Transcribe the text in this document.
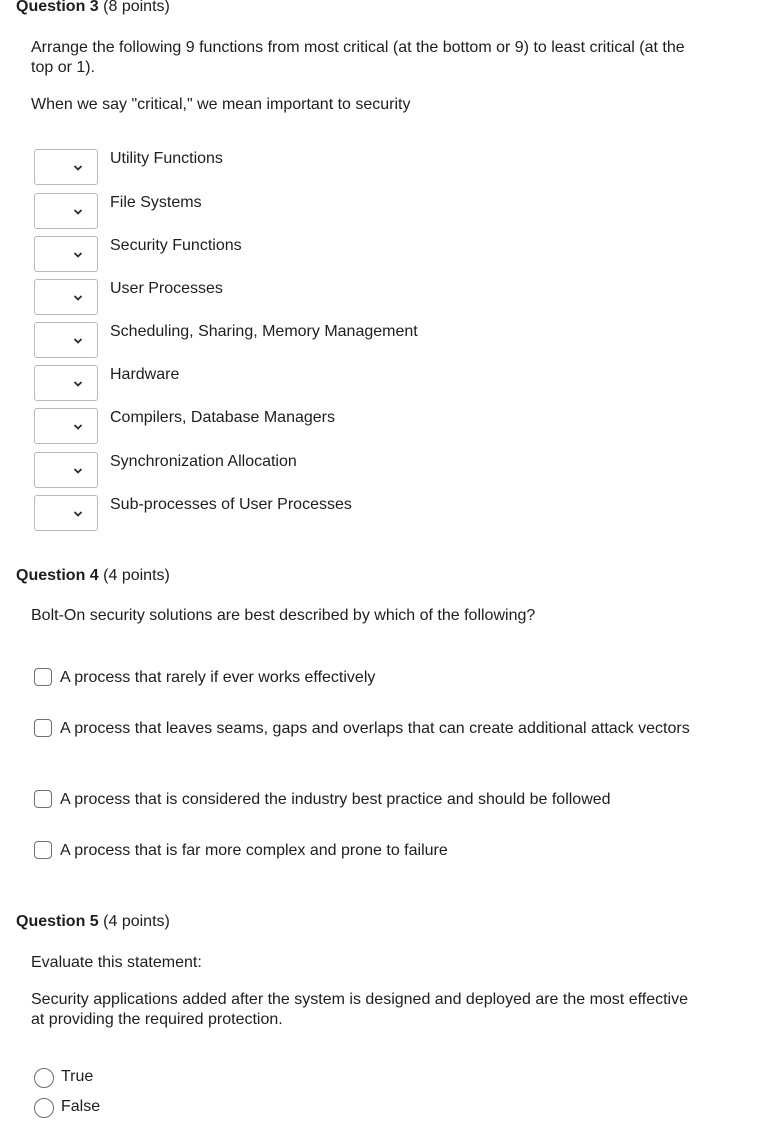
Question 3 (8 points)
Arrange the following 9 functions from most critical (at the bottom or 9) to least critical (at the top or 1).
When we say "critical," we mean important to security
Utility Functions
File Systems
Security Functions
User Processes
Scheduling, Sharing, Memory Management
Hardware
Compilers, Database Managers
Synchronization Allocation
Sub-processes of User Processes
Question 4 (4 points)
Bolt-On security solutions are best described by which of the following?
A process that rarely if ever works effectively
A process that leaves seams, gaps and overlaps that can create additional attack vectors
A process that is considered the industry best practice and should be followed
A process that is far more complex and prone to failure
Question 5 (4 points)
Evaluate this statement:
Security applications added after the system is designed and deployed are the most effective at providing the required protection.
True
False
